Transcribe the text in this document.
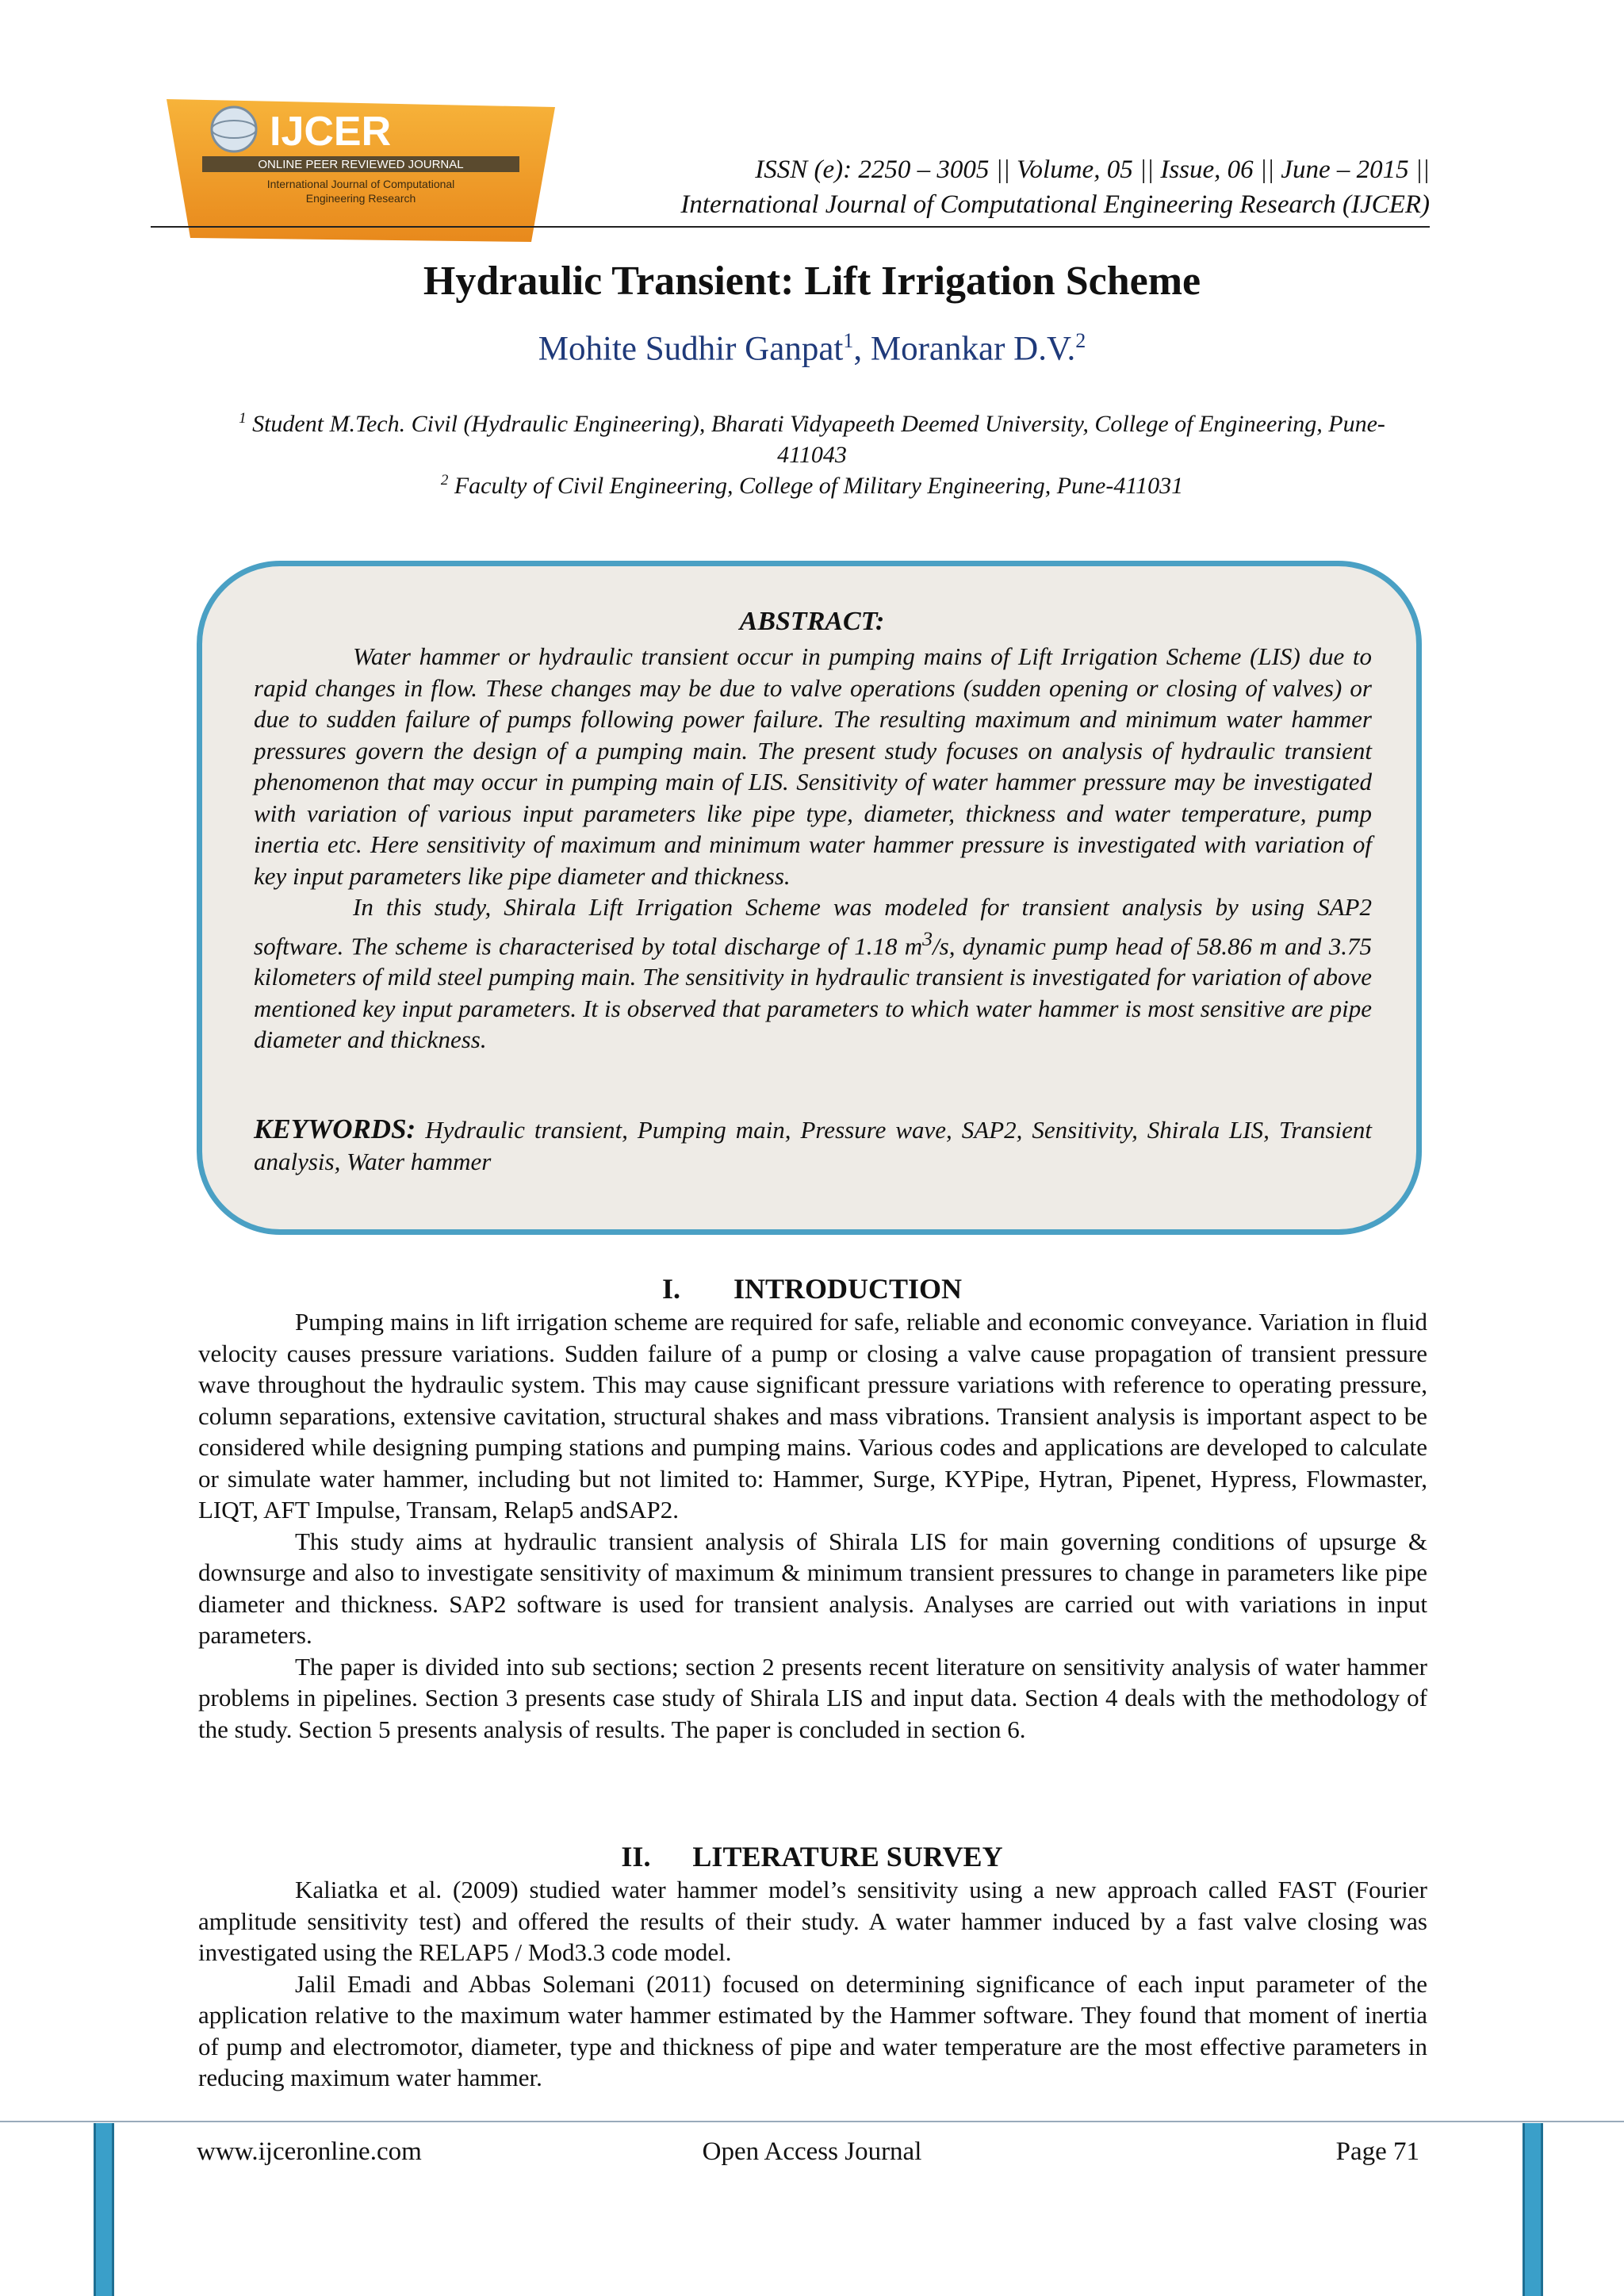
IJCER
ONLINE PEER REVIEWED JOURNAL
International Journal of Computational
Engineering Research
ISSN (e): 2250 – 3005 || Volume, 05 || Issue, 06 || June – 2015 ||
International Journal of Computational Engineering Research (IJCER)
Hydraulic Transient: Lift Irrigation Scheme
Mohite Sudhir Ganpat$^1$, Morankar D.V.$^2$
$^1$ Student M.Tech. Civil (Hydraulic Engineering), Bharati Vidyapeeth Deemed University, College of Engineering, Pune-411043
$^2$ Faculty of Civil Engineering, College of Military Engineering, Pune-411031
ABSTRACT:

Water hammer or hydraulic transient occur in pumping mains of Lift Irrigation Scheme (LIS) due to rapid changes in flow. These changes may be due to valve operations (sudden opening or closing of valves) or due to sudden failure of pumps following power failure. The resulting maximum and minimum water hammer pressures govern the design of a pumping main. The present study focuses on analysis of hydraulic transient phenomenon that may occur in pumping main of LIS. Sensitivity of water hammer pressure may be investigated with variation of various input parameters like pipe type, diameter, thickness and water temperature, pump inertia etc. Here sensitivity of maximum and minimum water hammer pressure is investigated with variation of key input parameters like pipe diameter and thickness.

In this study, Shirala Lift Irrigation Scheme was modeled for transient analysis by using SAP2 software. The scheme is characterised by total discharge of 1.18 $m^3/s$, dynamic pump head of 58.86 m and 3.75 kilometers of mild steel pumping main. The sensitivity in hydraulic transient is investigated for variation of above mentioned key input parameters. It is observed that parameters to which water hammer is most sensitive are pipe diameter and thickness.

KEYWORDS: Hydraulic transient, Pumping main, Pressure wave, SAP2, Sensitivity, Shirala LIS, Transient analysis, Water hammer
I. INTRODUCTION

Pumping mains in lift irrigation scheme are required for safe, reliable and economic conveyance. Variation in fluid velocity causes pressure variations. Sudden failure of a pump or closing a valve cause propagation of transient pressure wave throughout the hydraulic system. This may cause significant pressure variations with reference to operating pressure, column separations, extensive cavitation, structural shakes and mass vibrations. Transient analysis is important aspect to be considered while designing pumping stations and pumping mains. Various codes and applications are developed to calculate or simulate water hammer, including but not limited to: Hammer, Surge, KYPipe, Hytran, Pipenet, Hypress, Flowmaster, LIQT, AFT Impulse, Transam, Relap5 andSAP2.

This study aims at hydraulic transient analysis of Shirala LIS for main governing conditions of upsurge & downsurge and also to investigate sensitivity of maximum & minimum transient pressures to change in parameters like pipe diameter and thickness. SAP2 software is used for transient analysis. Analyses are carried out with variations in input parameters.

The paper is divided into sub sections; section 2 presents recent literature on sensitivity analysis of water hammer problems in pipelines. Section 3 presents case study of Shirala LIS and input data. Section 4 deals with the methodology of the study. Section 5 presents analysis of results. The paper is concluded in section 6.

II. LITERATURE SURVEY

Kaliatka et al. (2009) studied water hammer model’s sensitivity using a new approach called FAST (Fourier amplitude sensitivity test) and offered the results of their study. A water hammer induced by a fast valve closing was investigated using the RELAP5 / Mod3.3 code model.

Jalil Emadi and Abbas Solemani (2011) focused on determining significance of each input parameter of the application relative to the maximum water hammer estimated by the Hammer software. They found that moment of inertia of pump and electromotor, diameter, type and thickness of pipe and water temperature are the most effective parameters in reducing maximum water hammer.

www.ijceronline.com	Open Access Journal	Page 71
